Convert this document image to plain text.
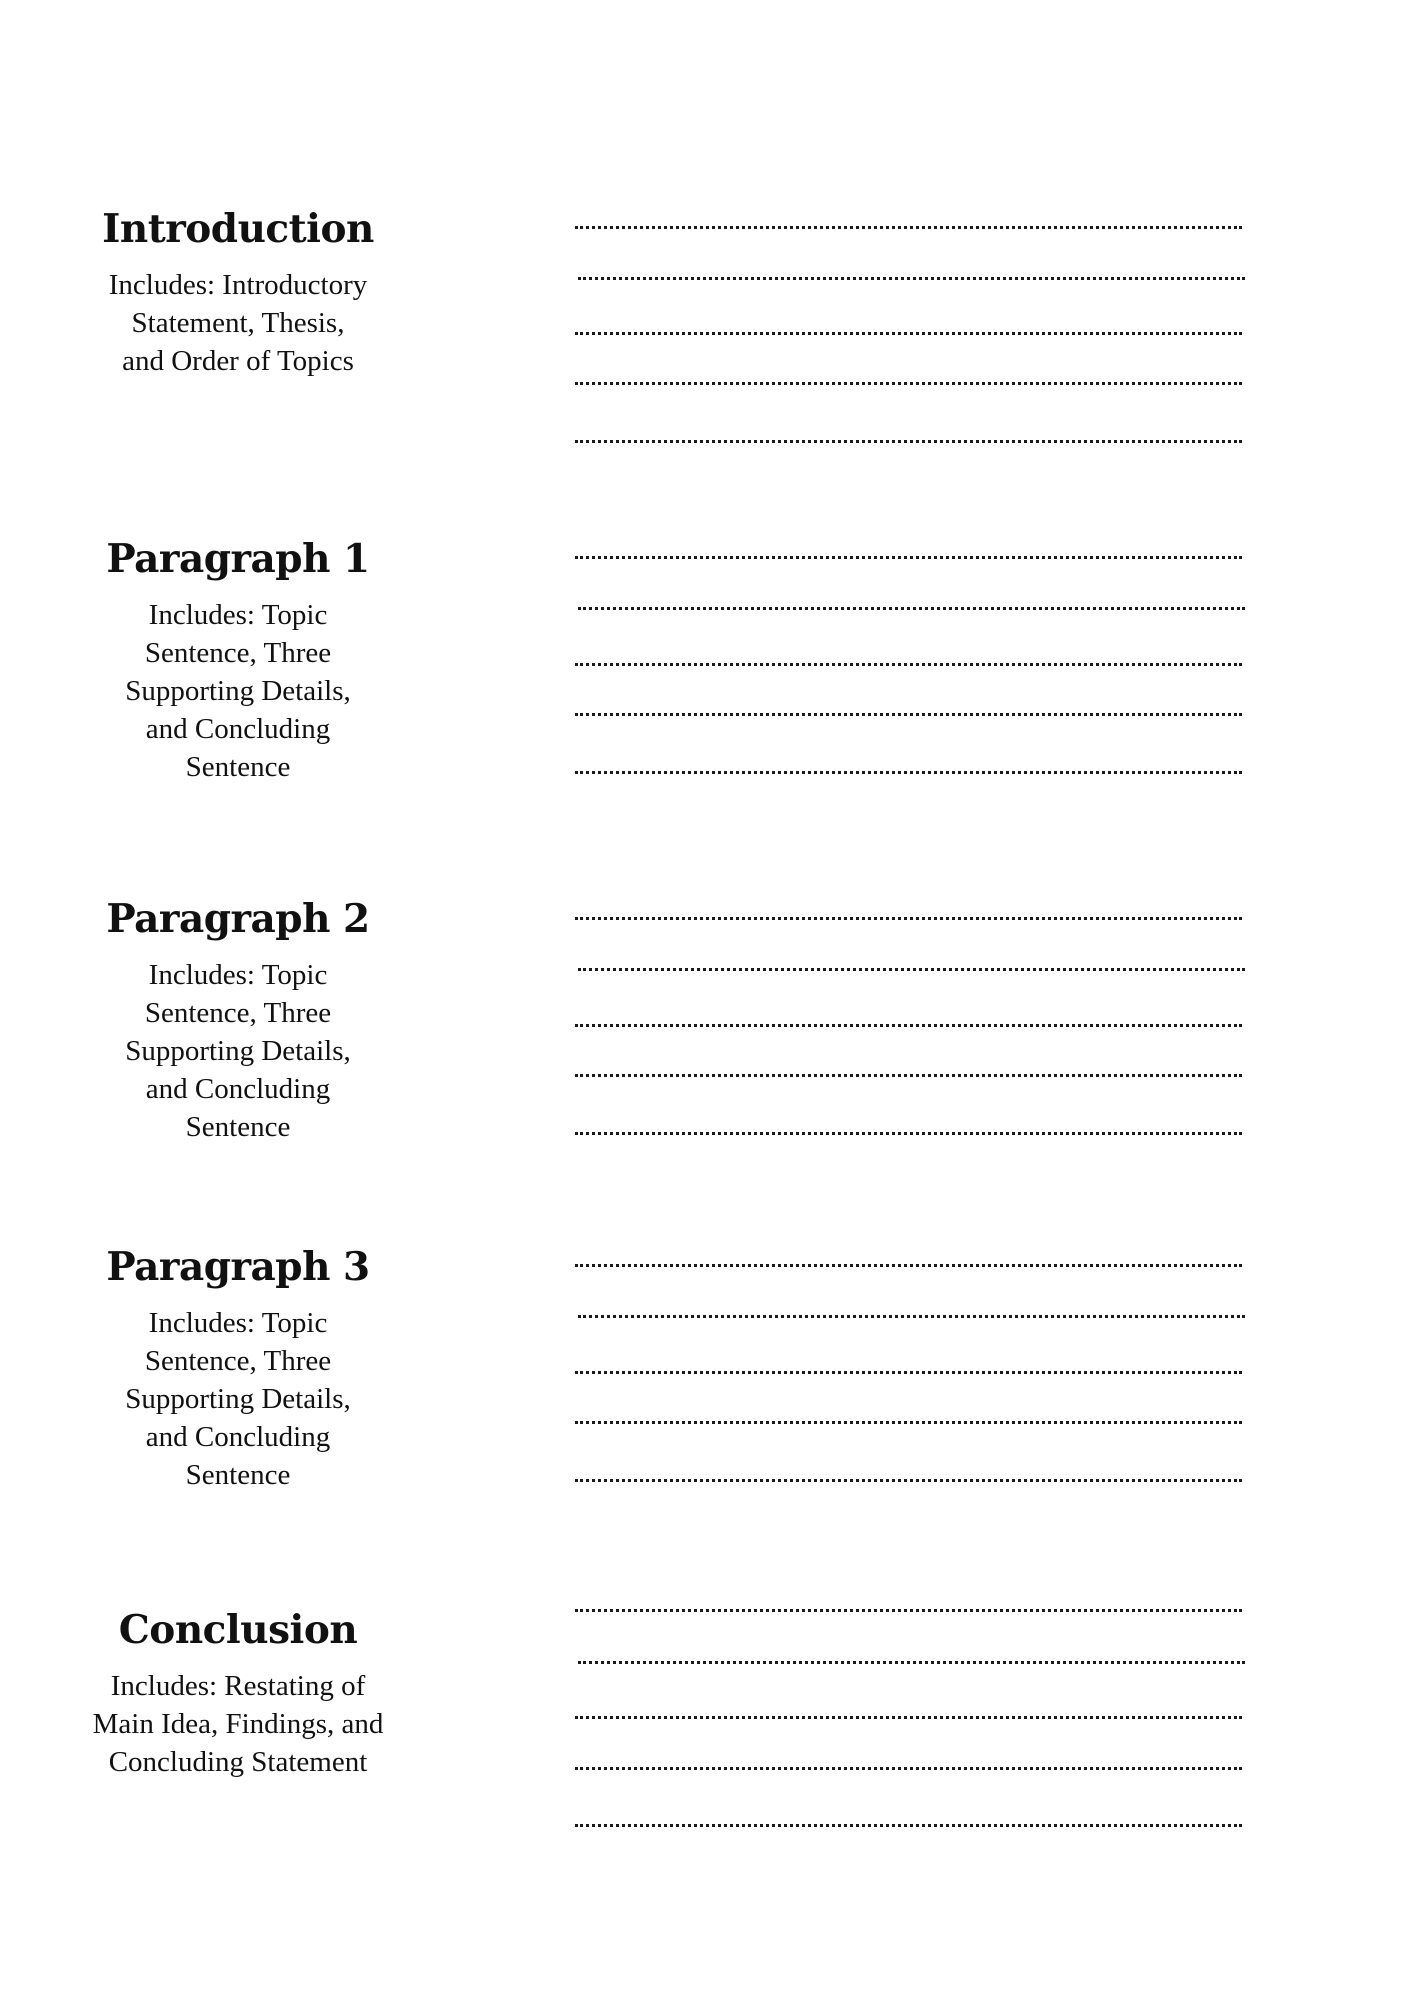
Introduction
Includes: Introductory Statement, Thesis, and Order of Topics
Paragraph 1
Includes: Topic Sentence, Three Supporting Details, and Concluding Sentence
Paragraph 2
Includes: Topic Sentence, Three Supporting Details, and Concluding Sentence
Paragraph 3
Includes: Topic Sentence, Three Supporting Details, and Concluding Sentence
Conclusion
Includes: Restating of Main Idea, Findings, and Concluding Statement
